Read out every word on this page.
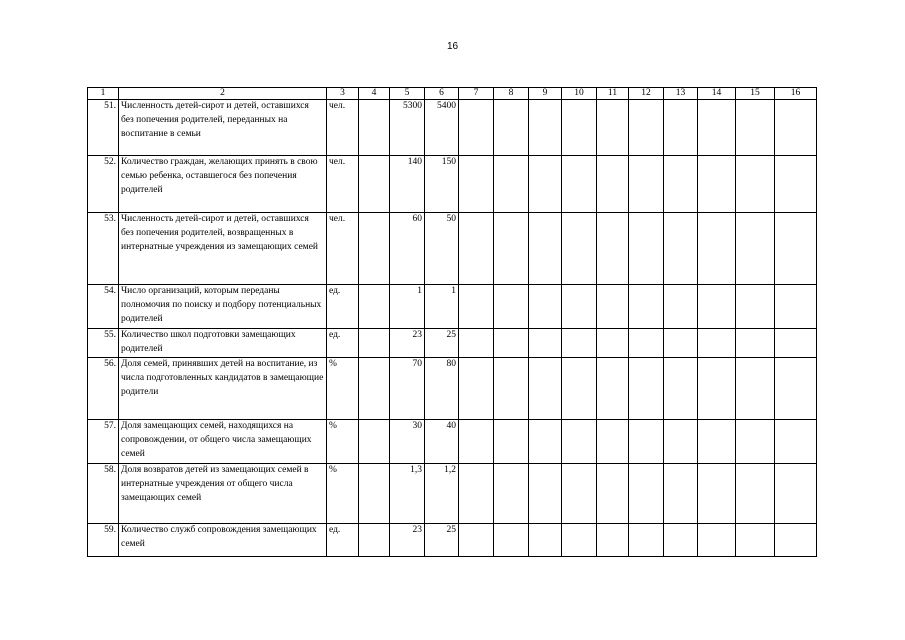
16
1	2	3	4	5	6	7	8	9	10	11	12	13	14	15	16
51.	Численность детей-сирот и детей, оставшихся без попечения родителей, переданных на воспитание в семьи	чел.		5300	5400										
52.	Количество граждан, желающих принять в свою семью ребенка, оставшегося без попечения родителей	чел.		140	150										
53.	Численность детей-сирот и детей, оставшихся без попечения родителей, возвращенных в интернатные учреждения из замещающих семей	чел.		60	50										
54.	Число организаций, которым переданы полномочия по поиску и подбору потенциальных родителей	ед.		1	1										
55.	Количество школ подготовки замещающих родителей	ед.		23	25										
56.	Доля семей, принявших детей на воспитание, из числа подготовленных кандидатов в замещающие родители	%		70	80										
57.	Доля замещающих семей, находящихся на сопровождении, от общего числа замещающих семей	%		30	40										
58.	Доля возвратов детей из замещающих семей в интернатные учреждения от общего числа замещающих семей	%		1,3	1,2										
59.	Количество служб сопровождения замещающих семей	ед.		23	25										
